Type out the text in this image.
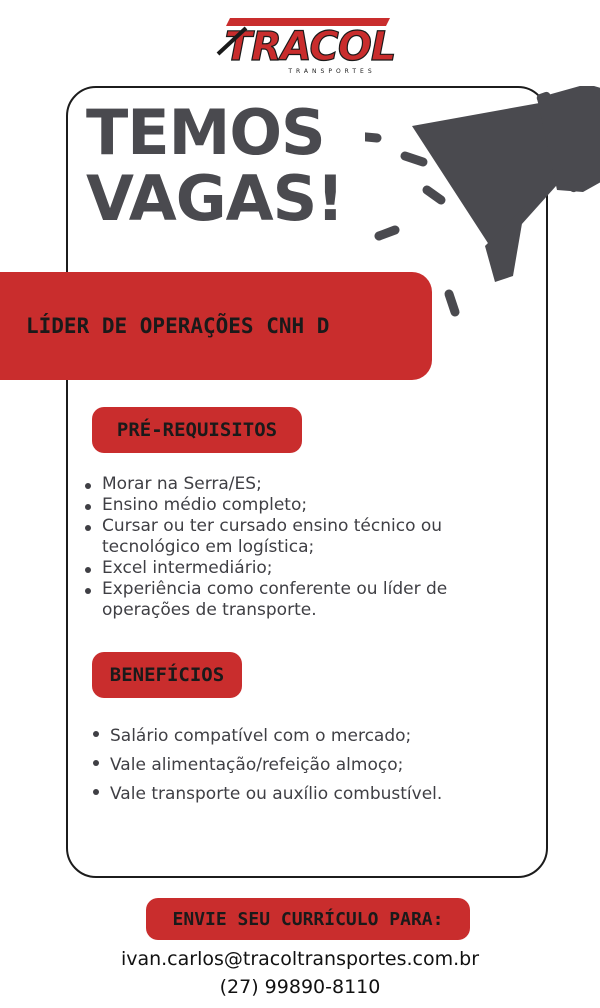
TRACOL
TRANSPORTES
TEMOS
VAGAS!
LÍDER DE OPERAÇÕES CNH D
PRÉ-REQUISITOS
Morar na Serra/ES;
Ensino médio completo;
Cursar ou ter cursado ensino técnico ou tecnológico em logística;
Excel intermediário;
Experiência como conferente ou líder de operações de transporte.
BENEFÍCIOS
Salário compatível com o mercado;
Vale alimentação/refeição almoço;
Vale transporte ou auxílio combustível.
ENVIE SEU CURRÍCULO PARA:
ivan.carlos@tracoltransportes.com.br
(27) 99890-8110
